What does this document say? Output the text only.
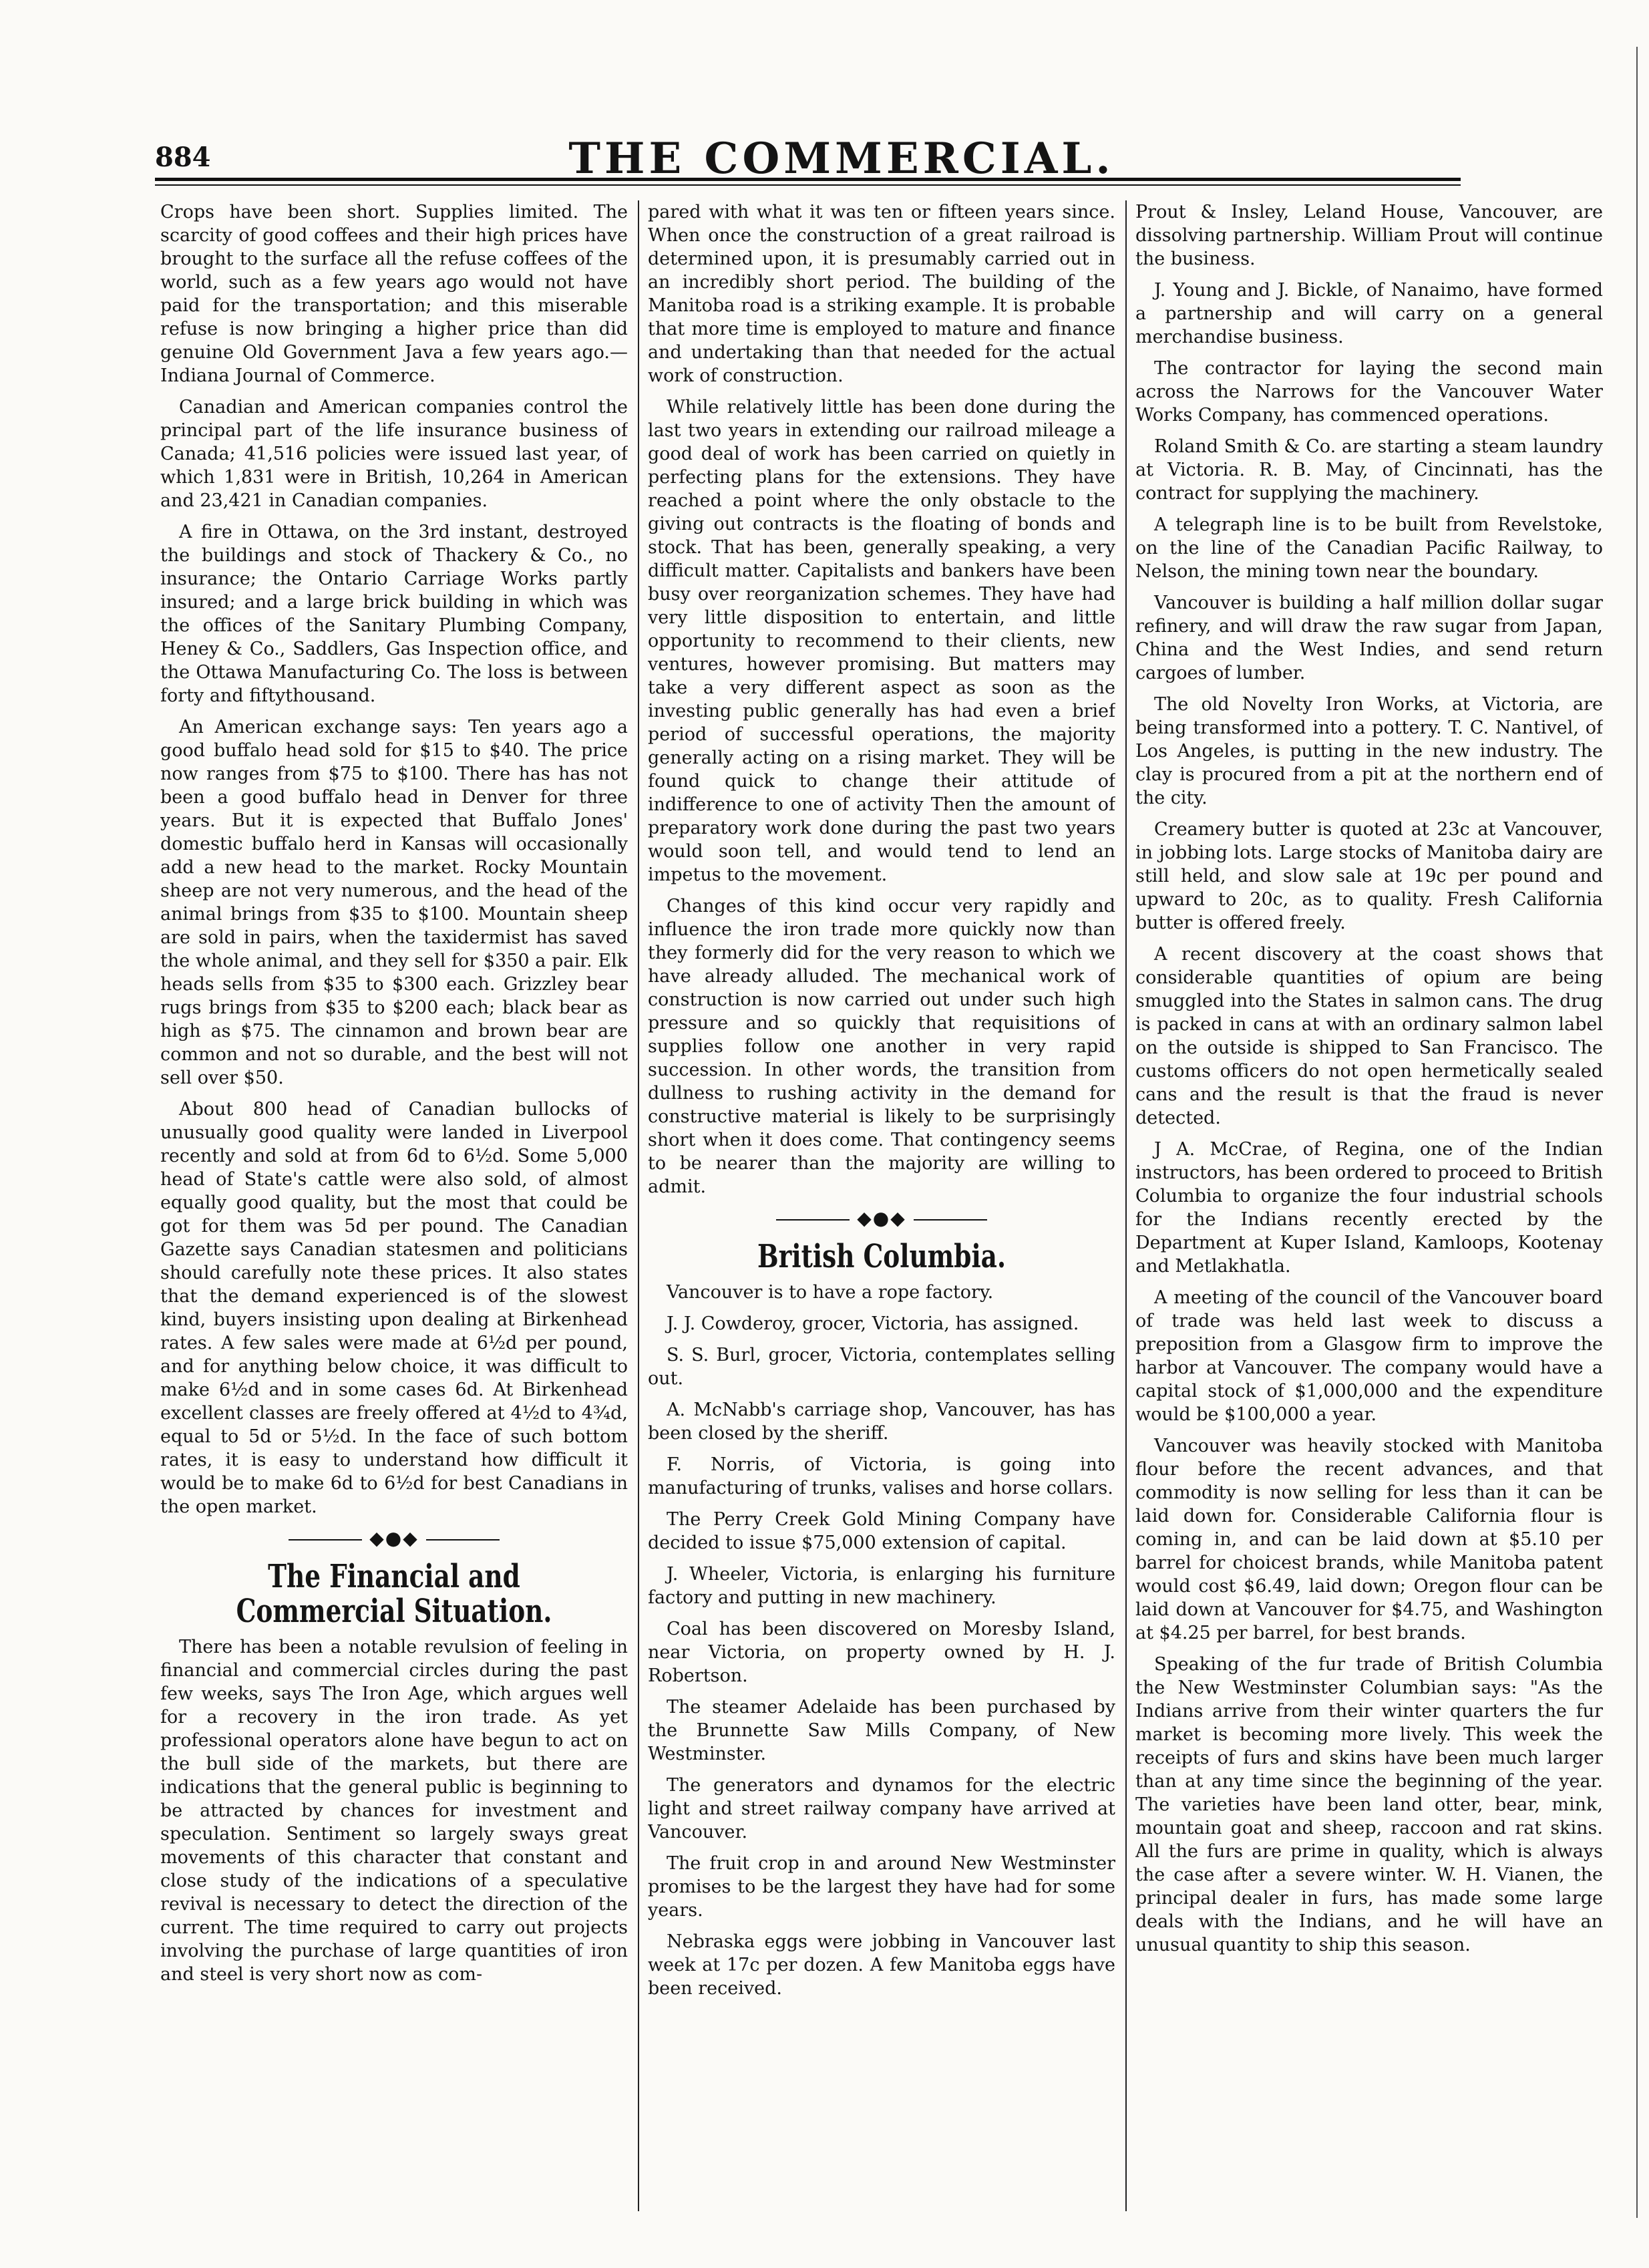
884	THE COMMERCIAL.

Crops have been short. Supplies limited. The scarcity of good coffees and their high prices have brought to the surface all the refuse coffees of the world, such as a few years ago would not have paid for the transportation; and this miserable refuse is now bringing a higher price than did genuine Old Government Java a few years ago.—Indiana Journal of Commerce.

Canadian and American companies control the principal part of the life insurance business of Canada; 41,516 policies were issued last year, of which 1,831 were in British, 10,264 in American and 23,421 in Canadian companies.

A fire in Ottawa, on the 3rd instant, destroyed the buildings and stock of Thackery & Co., no insurance; the Ontario Carriage Works partly insured; and a large brick building in which was the offices of the Sanitary Plumbing Company, Heney & Co., Saddlers, Gas Inspection office, and the Ottawa Manufacturing Co. The loss is between forty and fiftythousand.

An American exchange says: Ten years ago a good buffalo head sold for $15 to $40. The price now ranges from $75 to $100. There has has not been a good buffalo head in Denver for three years. But it is expected that Buffalo Jones' domestic buffalo herd in Kansas will occasionally add a new head to the market. Rocky Mountain sheep are not very numerous, and the head of the animal brings from $35 to $100. Mountain sheep are sold in pairs, when the taxidermist has saved the whole animal, and they sell for $350 a pair. Elk heads sells from $35 to $300 each. Grizzley bear rugs brings from $35 to $200 each; black bear as high as $75. The cinnamon and brown bear are common and not so durable, and the best will not sell over $50.

About 800 head of Canadian bullocks of unusually good quality were landed in Liverpool recently and sold at from 6d to 6½d. Some 5,000 head of State's cattle were also sold, of almost equally good quality, but the most that could be got for them was 5d per pound. The Canadian Gazette says Canadian statesmen and politicians should carefully note these prices. It also states that the demand experienced is of the slowest kind, buyers insisting upon dealing at Birkenhead rates. A few sales were made at 6½d per pound, and for anything below choice, it was difficult to make 6½d and in some cases 6d. At Birkenhead excellent classes are freely offered at 4½d to 4¾d, equal to 5d or 5½d. In the face of such bottom rates, it is easy to understand how difficult it would be to make 6d to 6½d for best Canadians in the open market.

◆●◆
The Financial and Commercial Situation.

There has been a notable revulsion of feeling in financial and commercial circles during the past few weeks, says The Iron Age, which argues well for a recovery in the iron trade. As yet professional operators alone have begun to act on the bull side of the markets, but there are indications that the general public is beginning to be attracted by chances for investment and speculation. Sentiment so largely sways great movements of this character that constant and close study of the indications of a speculative revival is necessary to detect the direction of the current. The time required to carry out projects involving the purchase of large quantities of iron and steel is very short now as com-

pared with what it was ten or fifteen years since. When once the construction of a great railroad is determined upon, it is presumably carried out in an incredibly short period. The building of the Manitoba road is a striking example. It is probable that more time is employed to mature and finance and undertaking than that needed for the actual work of construction.

While relatively little has been done during the last two years in extending our railroad mileage a good deal of work has been carried on quietly in perfecting plans for the extensions. They have reached a point where the only obstacle to the giving out contracts is the floating of bonds and stock. That has been, generally speaking, a very difficult matter. Capitalists and bankers have been busy over reorganization schemes. They have had very little disposition to entertain, and little opportunity to recommend to their clients, new ventures, however promising. But matters may take a very different aspect as soon as the investing public generally has had even a brief period of successful operations, the majority generally acting on a rising market. They will be found quick to change their attitude of indifference to one of activity Then the amount of preparatory work done during the past two years would soon tell, and would tend to lend an impetus to the movement.

Changes of this kind occur very rapidly and influence the iron trade more quickly now than they formerly did for the very reason to which we have already alluded. The mechanical work of construction is now carried out under such high pressure and so quickly that requisitions of supplies follow one another in very rapid succession. In other words, the transition from dullness to rushing activity in the demand for constructive material is likely to be surprisingly short when it does come. That contingency seems to be nearer than the majority are willing to admit.

◆●◆
British Columbia.

Vancouver is to have a rope factory.

J. J. Cowderoy, grocer, Victoria, has assigned.

S. S. Burl, grocer, Victoria, contemplates selling out.

A. McNabb's carriage shop, Vancouver, has has been closed by the sheriff.

F. Norris, of Victoria, is going into manufacturing of trunks, valises and horse collars.

The Perry Creek Gold Mining Company have decided to issue $75,000 extension of capital.

J. Wheeler, Victoria, is enlarging his furniture factory and putting in new machinery.

Coal has been discovered on Moresby Island, near Victoria, on property owned by H. J. Robertson.

The steamer Adelaide has been purchased by the Brunnette Saw Mills Company, of New Westminster.

The generators and dynamos for the electric light and street railway company have arrived at Vancouver.

The fruit crop in and around New Westminster promises to be the largest they have had for some years.

Nebraska eggs were jobbing in Vancouver last week at 17c per dozen. A few Manitoba eggs have been received.

Prout & Insley, Leland House, Vancouver, are dissolving partnership. William Prout will continue the business.

J. Young and J. Bickle, of Nanaimo, have formed a partnership and will carry on a general merchandise business.

The contractor for laying the second main across the Narrows for the Vancouver Water Works Company, has commenced operations.

Roland Smith & Co. are starting a steam laundry at Victoria. R. B. May, of Cincinnati, has the contract for supplying the machinery.

A telegraph line is to be built from Revelstoke, on the line of the Canadian Pacific Railway, to Nelson, the mining town near the boundary.

Vancouver is building a half million dollar sugar refinery, and will draw the raw sugar from Japan, China and the West Indies, and send return cargoes of lumber.

The old Novelty Iron Works, at Victoria, are being transformed into a pottery. T. C. Nantivel, of Los Angeles, is putting in the new industry. The clay is procured from a pit at the northern end of the city.

Creamery butter is quoted at 23c at Vancouver, in jobbing lots. Large stocks of Manitoba dairy are still held, and slow sale at 19c per pound and upward to 20c, as to quality. Fresh California butter is offered freely.

A recent discovery at the coast shows that considerable quantities of opium are being smuggled into the States in salmon cans. The drug is packed in cans at with an ordinary salmon label on the outside is shipped to San Francisco. The customs officers do not open hermetically sealed cans and the result is that the fraud is never detected.

J A. McCrae, of Regina, one of the Indian instructors, has been ordered to proceed to British Columbia to organize the four industrial schools for the Indians recently erected by the Department at Kuper Island, Kamloops, Kootenay and Metlakhatla.

A meeting of the council of the Vancouver board of trade was held last week to discuss a preposition from a Glasgow firm to improve the harbor at Vancouver. The company would have a capital stock of $1,000,000 and the expenditure would be $100,000 a year.

Vancouver was heavily stocked with Manitoba flour before the recent advances, and that commodity is now selling for less than it can be laid down for. Considerable California flour is coming in, and can be laid down at $5.10 per barrel for choicest brands, while Manitoba patent would cost $6.49, laid down; Oregon flour can be laid down at Vancouver for $4.75, and Washington at $4.25 per barrel, for best brands.

Speaking of the fur trade of British Columbia the New Westminster Columbian says: "As the Indians arrive from their winter quarters the fur market is becoming more lively. This week the receipts of furs and skins have been much larger than at any time since the beginning of the year. The varieties have been land otter, bear, mink, mountain goat and sheep, raccoon and rat skins. All the furs are prime in quality, which is always the case after a severe winter. W. H. Vianen, the principal dealer in furs, has made some large deals with the Indians, and he will have an unusual quantity to ship this season.
